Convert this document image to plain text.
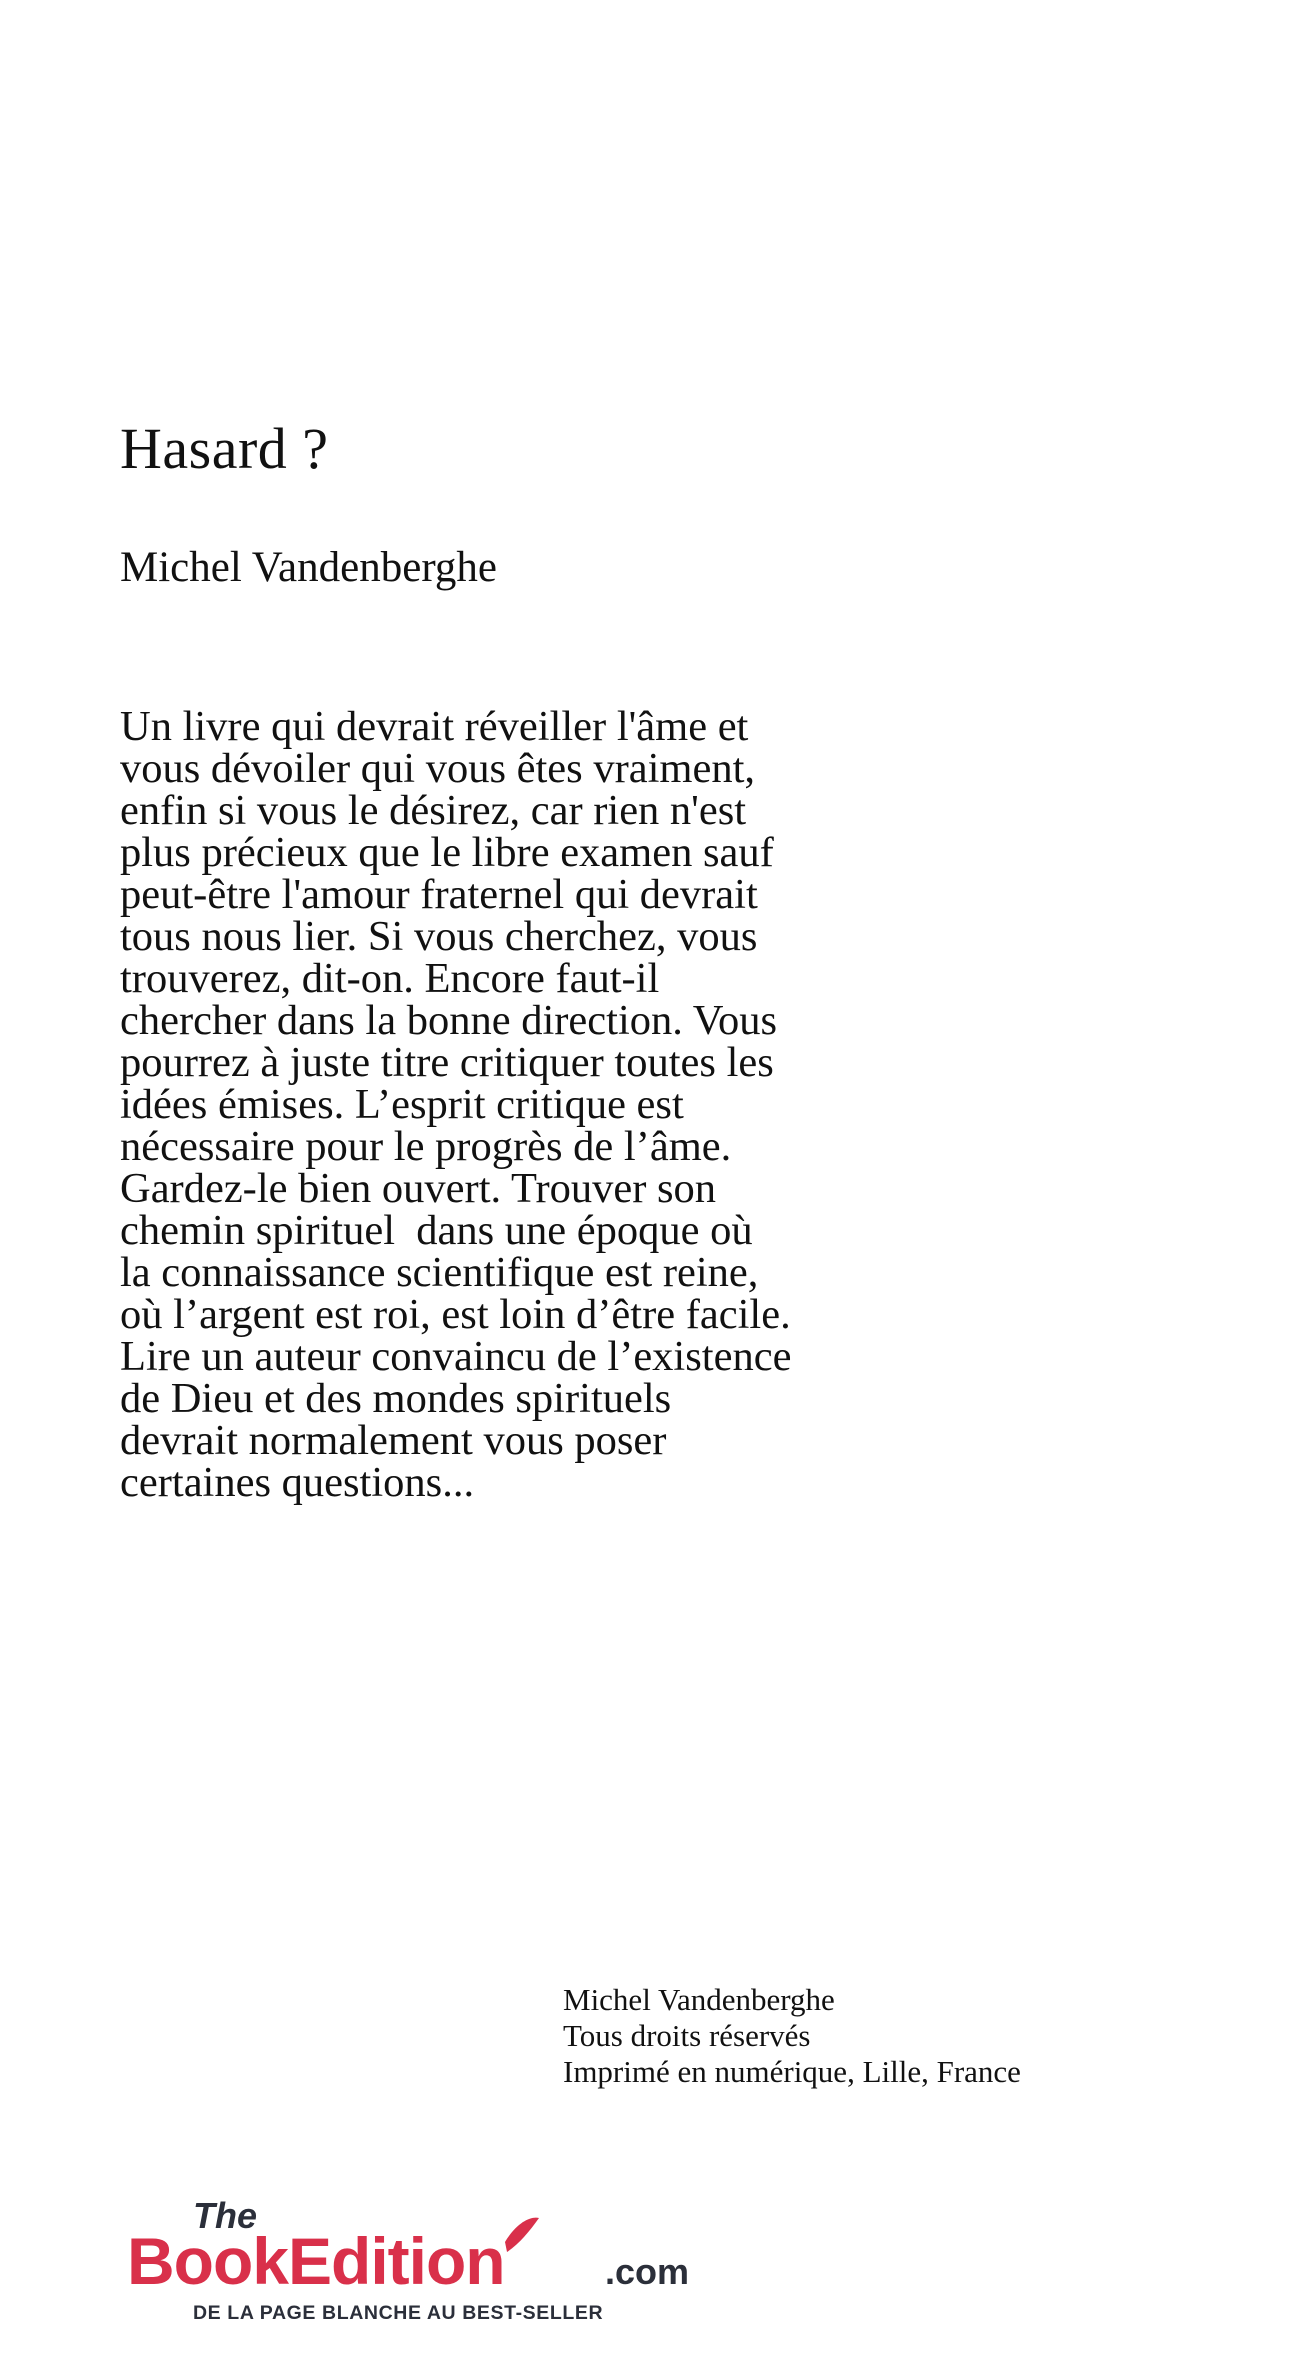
Hasard ?

Michel Vandenberghe

Un livre qui devrait réveiller l'âme et
vous dévoiler qui vous êtes vraiment,
enfin si vous le désirez, car rien n'est
plus précieux que le libre examen sauf
peut-être l'amour fraternel qui devrait
tous nous lier. Si vous cherchez, vous
trouverez, dit-on. Encore faut-il
chercher dans la bonne direction. Vous
pourrez à juste titre critiquer toutes les
idées émises. L’esprit critique est
nécessaire pour le progrès de l’âme.
Gardez-le bien ouvert. Trouver son
chemin spirituel  dans une époque où
la connaissance scientifique est reine,
où l’argent est roi, est loin d’être facile.
Lire un auteur convaincu de l’existence
de Dieu et des mondes spirituels
devrait normalement vous poser
certaines questions...

Michel Vandenberghe
Tous droits réservés
Imprimé en numérique, Lille, France

The
BookEdition	.com
DE LA PAGE BLANCHE AU BEST-SELLER
